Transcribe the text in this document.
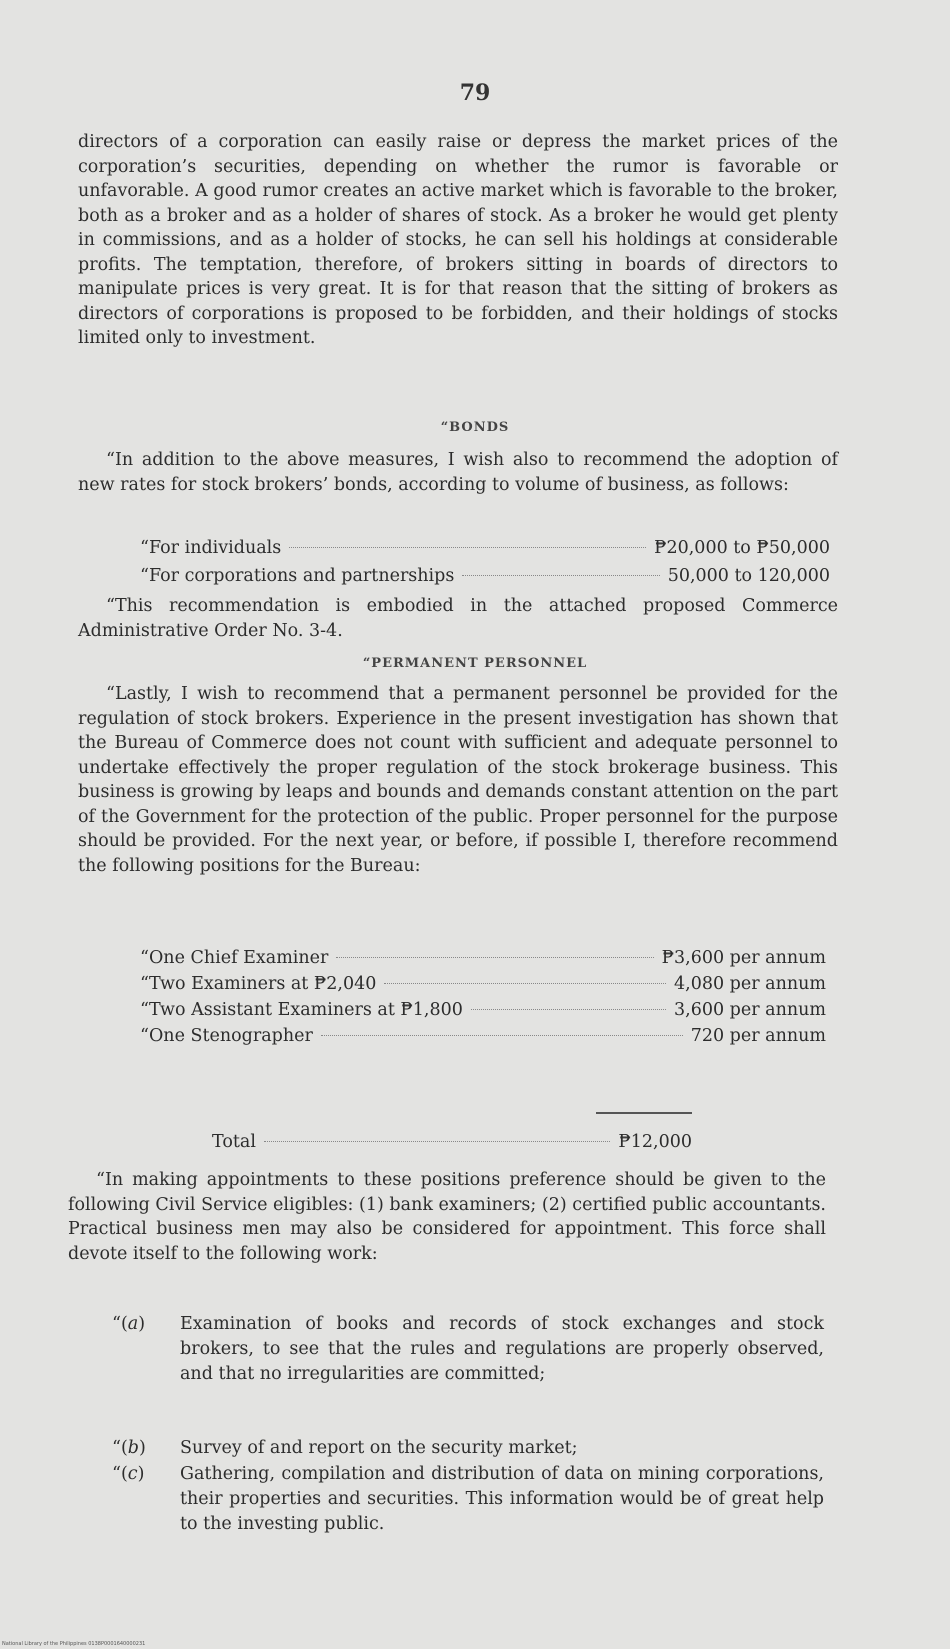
79

directors of a corporation can easily raise or depress the market prices of the corporation’s securities, depending on whether the rumor is favorable or unfavorable. A good rumor creates an active market which is favorable to the broker, both as a broker and as a holder of shares of stock. As a broker he would get plenty in commissions, and as a holder of stocks, he can sell his holdings at considerable profits. The temptation, therefore, of brokers sitting in boards of directors to manipulate prices is very great. It is for that reason that the sitting of brokers as directors of corporations is proposed to be forbidden, and their holdings of stocks limited only to investment.

“BONDS

“In addition to the above measures, I wish also to recommend the adoption of new rates for stock brokers’ bonds, according to volume of business, as follows:

“For individuals	₱20,000 to ₱50,000
“For corporations and partnerships	50,000 to 120,000

“This recommendation is embodied in the attached proposed Commerce Administrative Order No. 3-4.

“PERMANENT PERSONNEL

“Lastly, I wish to recommend that a permanent personnel be provided for the regulation of stock brokers. Experience in the present investigation has shown that the Bureau of Commerce does not count with sufficient and adequate personnel to undertake effectively the proper regulation of the stock brokerage business. This business is growing by leaps and bounds and demands constant attention on the part of the Government for the protection of the public. Proper personnel for the purpose should be provided. For the next year, or before, if possible I, therefore recommend the following positions for the Bureau:

“One Chief Examiner	₱3,600 per annum
“Two Examiners at ₱2,040	4,080 per annum
“Two Assistant Examiners at ₱1,800	3,600 per annum
“One Stenographer	720 per annum
Total	₱12,000

“In making appointments to these positions preference should be given to the following Civil Service eligibles: (1) bank examiners; (2) certified public accountants. Practical business men may also be considered for appointment. This force shall devote itself to the following work:

“(a)	Examination of books and records of stock exchanges and stock brokers, to see that the rules and regulations are properly observed, and that no irregularities are committed;
“(b)	Survey of and report on the security market;
“(c)	Gathering, compilation and distribution of data on mining corporations, their properties and securities. This information would be of great help to the investing public.
National Library of the Philippines 0138P0001640000231
